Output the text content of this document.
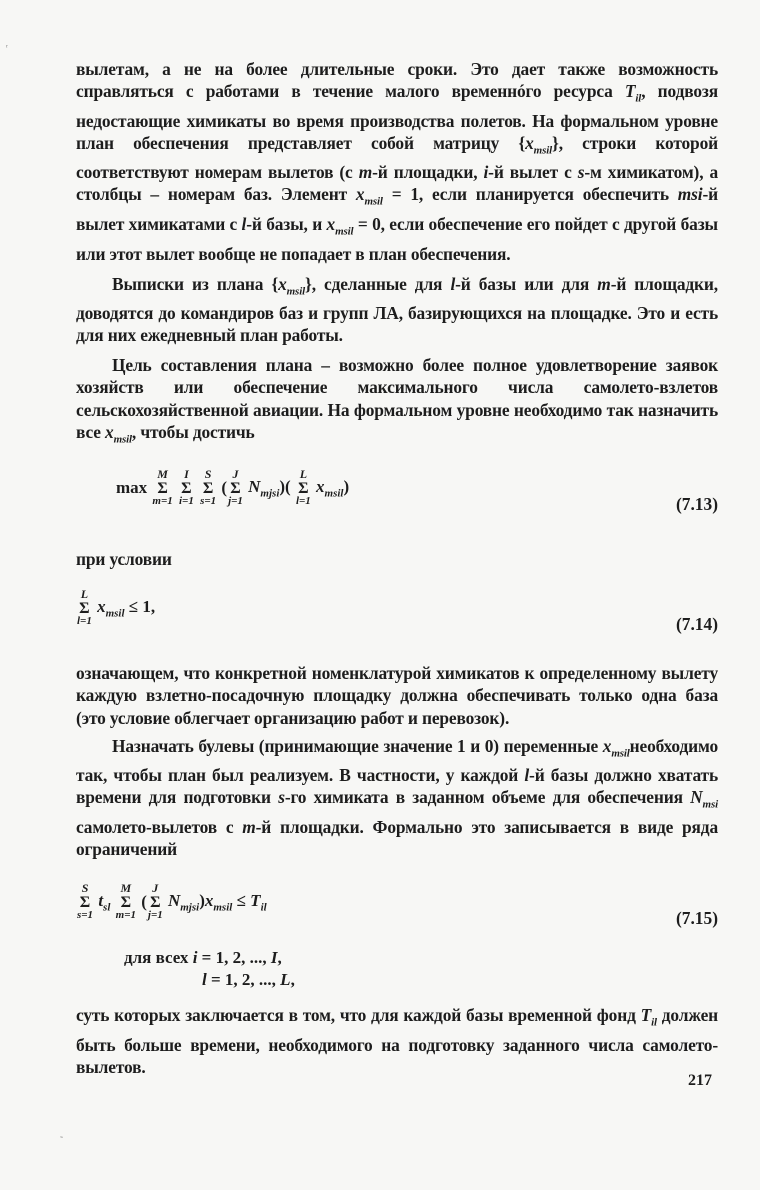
вылетам, а не на более длительные сроки. Это дает также возможность справляться с работами в течение малого временнóго ресурса $T_{il}$, подвозя недостающие химикаты во время производства полетов. На формальном уровне план обеспечения представляет собой матрицу $\{x_{msil}\}$, строки которой соответствуют номерам вылетов (с m-й площадки, i-й вылет с s-м химикатом), а столбцы – номерам баз. Элемент $x_{msil} = 1$, если планируется обеспечить msi-й вылет химикатами с l-й базы, и $x_{msil} = 0$, если обеспечение его пойдет с другой базы или этот вылет вообще не попадает в план обеспечения.

Выписки из плана $\{x_{msil}\}$, сделанные для l-й базы или для m-й площадки, доводятся до командиров баз и групп ЛА, базирующихся на площадке. Это и есть для них ежедневный план работы.

Цель составления плана – возможно более полное удовлетворение заявок хозяйств или обеспечение максимального числа самолето-взлетов сельскохозяйственной авиации. На формальном уровне необходимо так назначить все $x_{msil}$, чтобы достичь

max
M
Σ
m=1

I
Σ
i=1

S
Σ
s=1
(
J
Σ
j=1
$N_{mjsi}$)(
L
Σ
l=1
$x_{msil}$)
(7.13)

при условии

L
Σ
l=1
$x_{msil} \le 1$,
(7.14)

означающем, что конкретной номенклатурой химикатов к определенному вылету каждую взлетно-посадочную площадку должна обеспечивать только одна база (это условие облегчает организацию работ и перевозок).

Назначать булевы (принимающие значение 1 и 0) переменные $x_{msil}необходимо$ так, чтобы план был реализуем. В частности, у каждой l-й базы должно хватать времени для подготовки s-го химиката в заданном объеме для обеспечения $N_{msi}$ самолето-вылетов с m-й площадки. Формально это записывается в виде ряда ограничений

S
Σ
s=1
$t_{sl}$
M
Σ
m=1
(
J
Σ
j=1
$N_{mjsi})x_{msil} \le T_{il}$
(7.15)
для всех i = 1, 2, ..., I,
l = 1, 2, ..., L,

суть которых заключается в том, что для каждой базы временной фонд $T_{il}$ должен быть больше времени, необходимого на подготовку заданного числа самолето-вылетов.

217
ʳ
˜
